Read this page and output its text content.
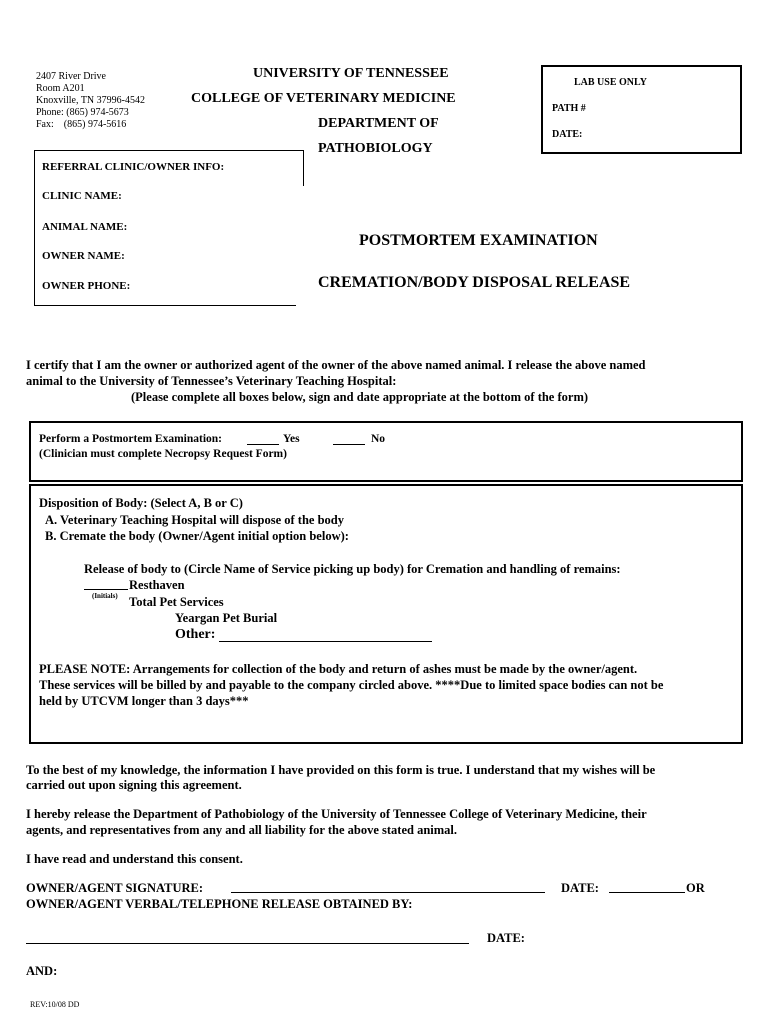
2407 River Drive
Room A201
Knoxville, TN 37996-4542
Phone: (865) 974-5673
Fax:    (865) 974-5616
UNIVERSITY OF TENNESSEE
COLLEGE OF VETERINARY MEDICINE
DEPARTMENT OF
PATHOBIOLOGY
LAB USE ONLY
PATH #
DATE:
REFERRAL CLINIC/OWNER INFO:
CLINIC NAME:
ANIMAL NAME:
OWNER NAME:
OWNER PHONE:
POSTMORTEM EXAMINATION
CREMATION/BODY DISPOSAL RELEASE
I certify that I am the owner or authorized agent of the owner of the above named animal. I release the above named
animal to the University of Tennessee’s Veterinary Teaching Hospital:
(Please complete all boxes below, sign and date appropriate at the bottom of the form)
Perform a Postmortem Examination:	Yes	No
(Clinician must complete Necropsy Request Form)
Disposition of Body: (Select A, B or C)
A. Veterinary Teaching Hospital will dispose of the body
B. Cremate the body (Owner/Agent initial option below):
Release of body to (Circle Name of Service picking up body) for Cremation and handling of remains:
Resthaven
(Initials) Total Pet Services
Yeargan Pet Burial
Other:
PLEASE NOTE: Arrangements for collection of the body and return of ashes must be made by the owner/agent.
These services will be billed by and payable to the company circled above. ****Due to limited space bodies can not be
held by UTCVM longer than 3 days***
To the best of my knowledge, the information I have provided on this form is true. I understand that my wishes will be
carried out upon signing this agreement.
I hereby release the Department of Pathobiology of the University of Tennessee College of Veterinary Medicine, their
agents, and representatives from any and all liability for the above stated animal.
I have read and understand this consent.
OWNER/AGENT SIGNATURE:	DATE:	OR
OWNER/AGENT VERBAL/TELEPHONE RELEASE OBTAINED BY:
DATE:
AND:
REV:10/08 DD
